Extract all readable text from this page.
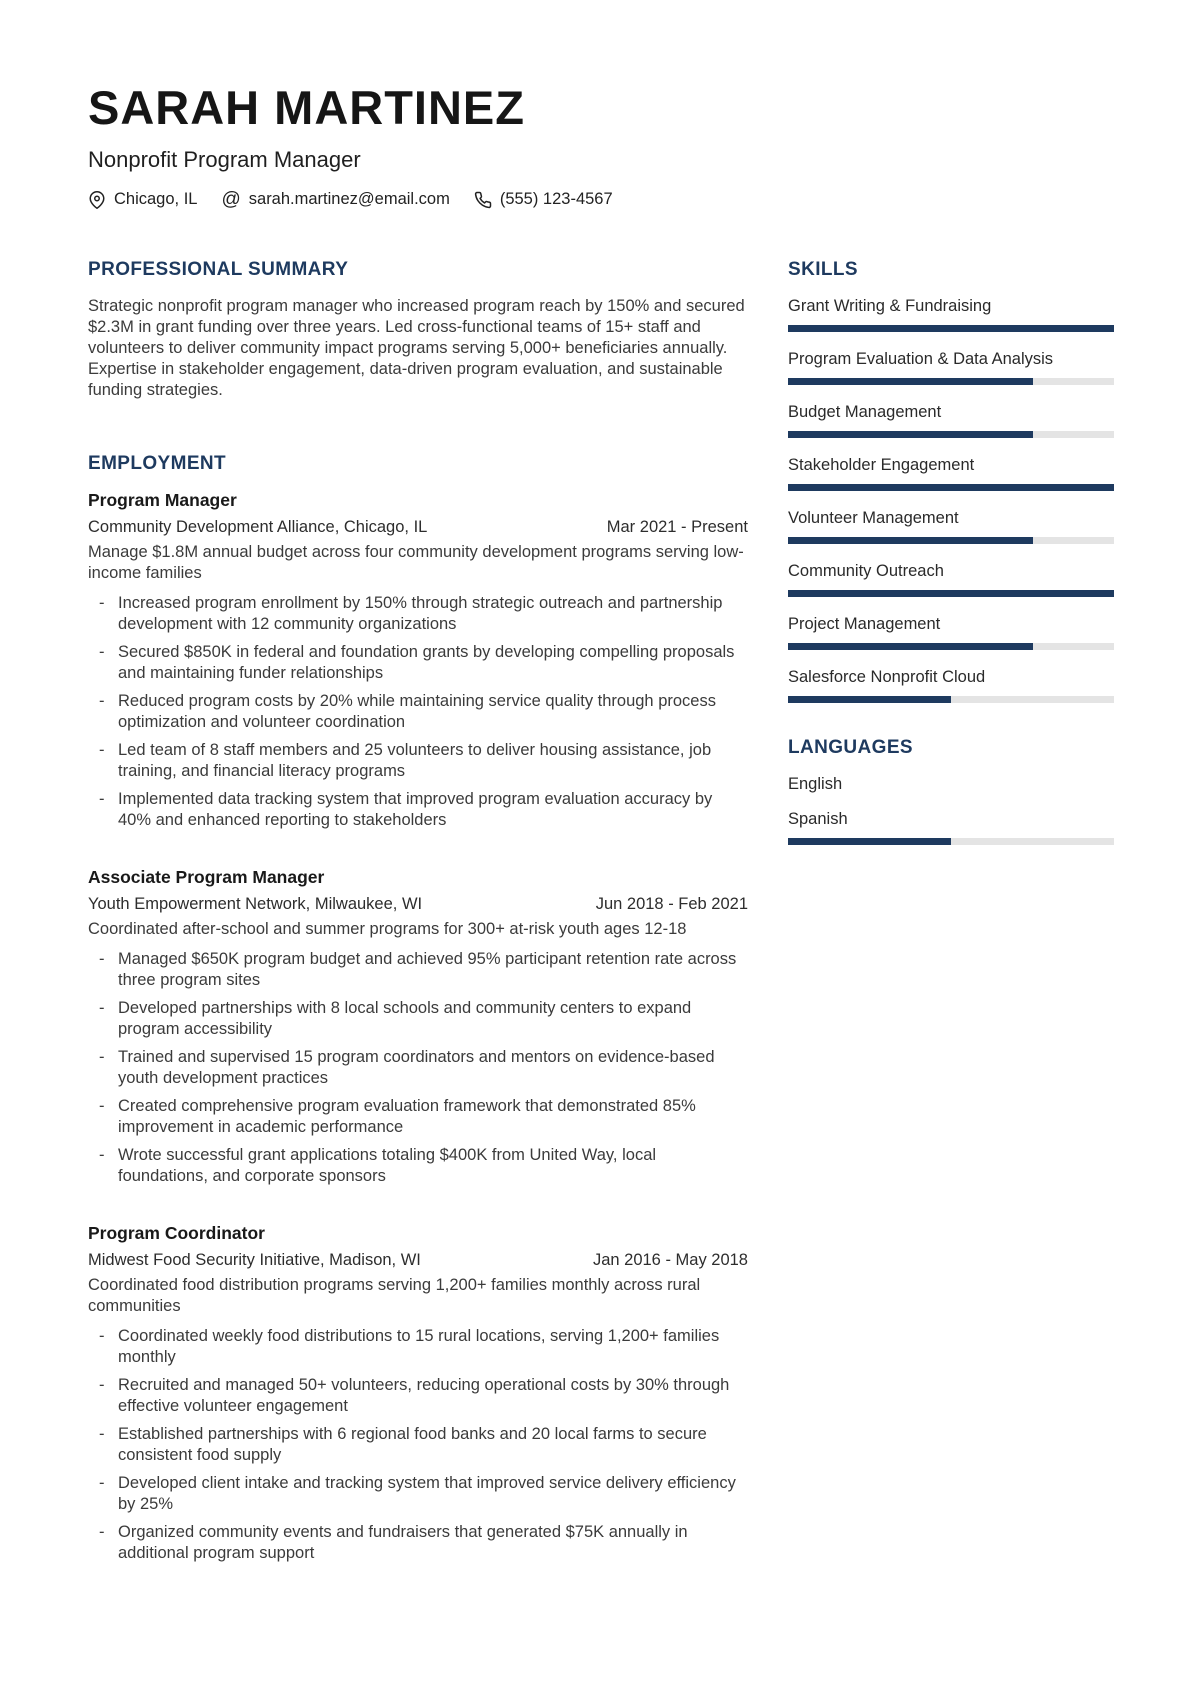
SARAH MARTINEZ
Nonprofit Program Manager
Chicago, IL @ sarah.martinez@email.com	(555) 123-4567
PROFESSIONAL SUMMARY

Strategic nonprofit program manager who increased program reach by 150% and secured $2.3M in grant funding over three years. Led cross-functional teams of 15+ staff and volunteers to deliver community impact programs serving 5,000+ beneficiaries annually. Expertise in stakeholder engagement, data-driven program evaluation, and sustainable funding strategies.

EMPLOYMENT
Program Manager
Community Development Alliance, Chicago, IL	Mar 2021 - Present

Manage $1.8M annual budget across four community development programs serving low-income families

- Increased program enrollment by 150% through strategic outreach and partnership development with 12 community organizations
- Secured $850K in federal and foundation grants by developing compelling proposals and maintaining funder relationships
- Reduced program costs by 20% while maintaining service quality through process optimization and volunteer coordination
- Led team of 8 staff members and 25 volunteers to deliver housing assistance, job training, and financial literacy programs
- Implemented data tracking system that improved program evaluation accuracy by 40% and enhanced reporting to stakeholders
Associate Program Manager
Youth Empowerment Network, Milwaukee, WI	Jun 2018 - Feb 2021

Coordinated after-school and summer programs for 300+ at-risk youth ages 12-18

- Managed $650K program budget and achieved 95% participant retention rate across three program sites
- Developed partnerships with 8 local schools and community centers to expand program accessibility
- Trained and supervised 15 program coordinators and mentors on evidence-based youth development practices
- Created comprehensive program evaluation framework that demonstrated 85% improvement in academic performance
- Wrote successful grant applications totaling $400K from United Way, local foundations, and corporate sponsors
Program Coordinator
Midwest Food Security Initiative, Madison, WI	Jan 2016 - May 2018

Coordinated food distribution programs serving 1,200+ families monthly across rural communities

- Coordinated weekly food distributions to 15 rural locations, serving 1,200+ families monthly
- Recruited and managed 50+ volunteers, reducing operational costs by 30% through effective volunteer engagement
- Established partnerships with 6 regional food banks and 20 local farms to secure consistent food supply
- Developed client intake and tracking system that improved service delivery efficiency by 25%
- Organized community events and fundraisers that generated $75K annually in additional program support
SKILLS
Grant Writing & Fundraising
Program Evaluation & Data Analysis
Budget Management
Stakeholder Engagement
Volunteer Management
Community Outreach
Project Management
Salesforce Nonprofit Cloud
LANGUAGES
English
Spanish
